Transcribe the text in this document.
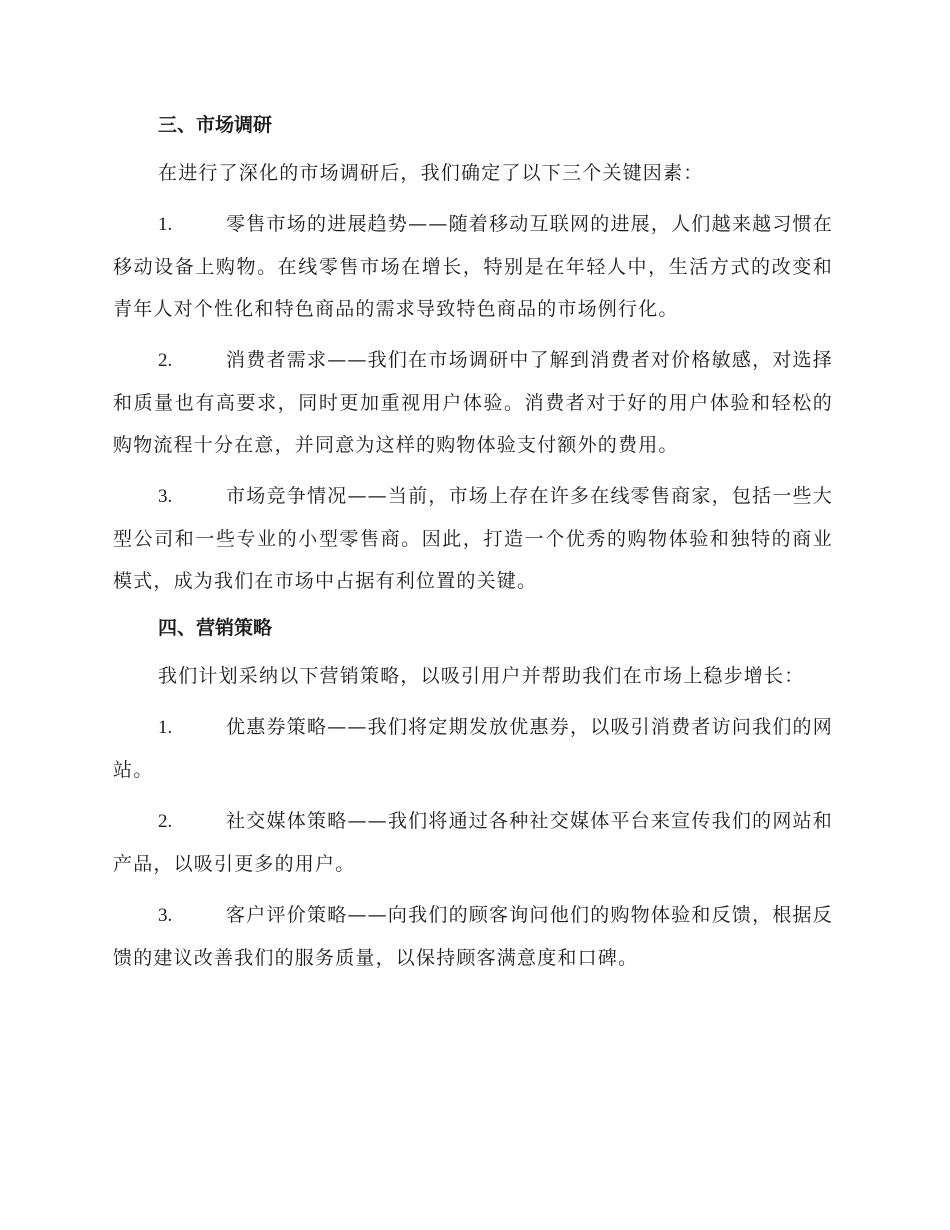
三、市场调研

在进行了深化的市场调研后，我们确定了以下三个关键因素：

1.	零售市场的进展趋势——随着移动互联网的进展，人们越来越习惯在移动设备上购物。在线零售市场在增长，特别是在年轻人中，生活方式的改变和青年人对个性化和特色商品的需求导致特色商品的市场例行化。

2.	消费者需求——我们在市场调研中了解到消费者对价格敏感，对选择和质量也有高要求，同时更加重视用户体验。消费者对于好的用户体验和轻松的购物流程十分在意，并同意为这样的购物体验支付额外的费用。

3.	市场竞争情况——当前，市场上存在许多在线零售商家，包括一些大型公司和一些专业的小型零售商。因此，打造一个优秀的购物体验和独特的商业模式，成为我们在市场中占据有利位置的关键。

四、营销策略

我们计划采纳以下营销策略，以吸引用户并帮助我们在市场上稳步增长：

1.	优惠券策略——我们将定期发放优惠券，以吸引消费者访问我们的网站。

2.	社交媒体策略——我们将通过各种社交媒体平台来宣传我们的网站和产品，以吸引更多的用户。

3.	客户评价策略——向我们的顾客询问他们的购物体验和反馈，根据反馈的建议改善我们的服务质量，以保持顾客满意度和口碑。
